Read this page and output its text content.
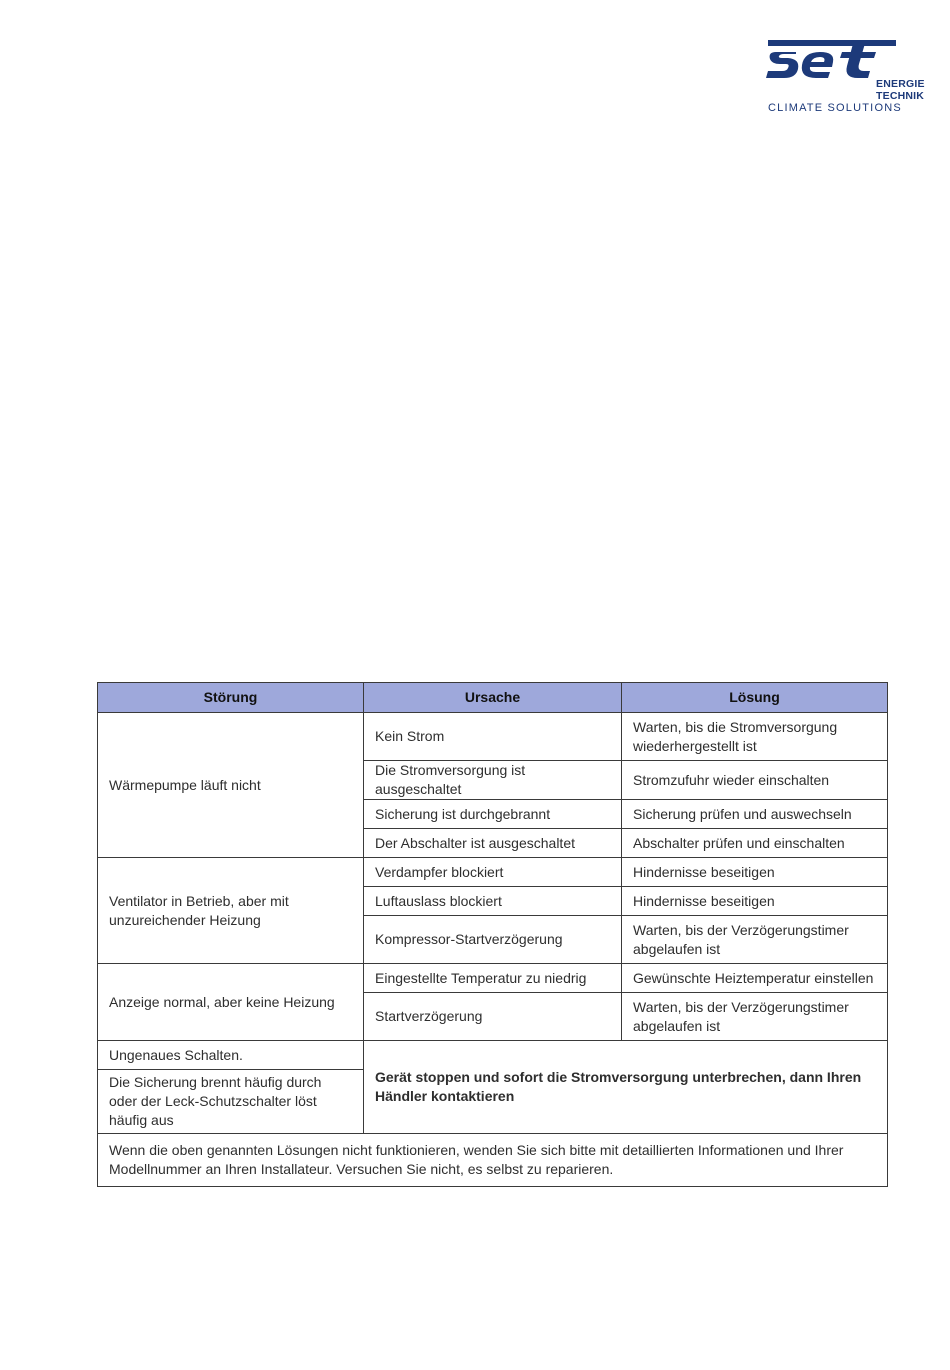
ENERGIE
TECHNIK
CLIMATE SOLUTIONS
Störung	Ursache	Lösung
Wärmepumpe läuft nicht	Kein Strom	Warten, bis die Stromversorgung wiederhergestellt ist
	Die Stromversorgung ist ausgeschaltet	Stromzufuhr wieder einschalten
	Sicherung ist durchgebrannt	Sicherung prüfen und auswechseln
	Der Abschalter ist ausgeschaltet	Abschalter prüfen und einschalten
Ventilator in Betrieb, aber mit unzureichender Heizung	Verdampfer blockiert	Hindernisse beseitigen
	Luftauslass blockiert	Hindernisse beseitigen
	Kompressor-Startverzögerung	Warten, bis der Verzögerungstimer abgelaufen ist
Anzeige normal, aber keine Heizung	Eingestellte Temperatur zu niedrig	Gewünschte Heiztemperatur einstellen
	Startverzögerung	Warten, bis der Verzögerungstimer abgelaufen ist
Ungenaues Schalten.	Gerät stoppen und sofort die Stromversorgung unterbrechen, dann Ihren Händler kontaktieren	
Die Sicherung brennt häufig durch oder der Leck-Schutzschalter löst häufig aus		
Wenn die oben genannten Lösungen nicht funktionieren, wenden Sie sich bitte mit detaillierten Informationen und Ihrer Modellnummer an Ihren Installateur. Versuchen Sie nicht, es selbst zu reparieren.		
